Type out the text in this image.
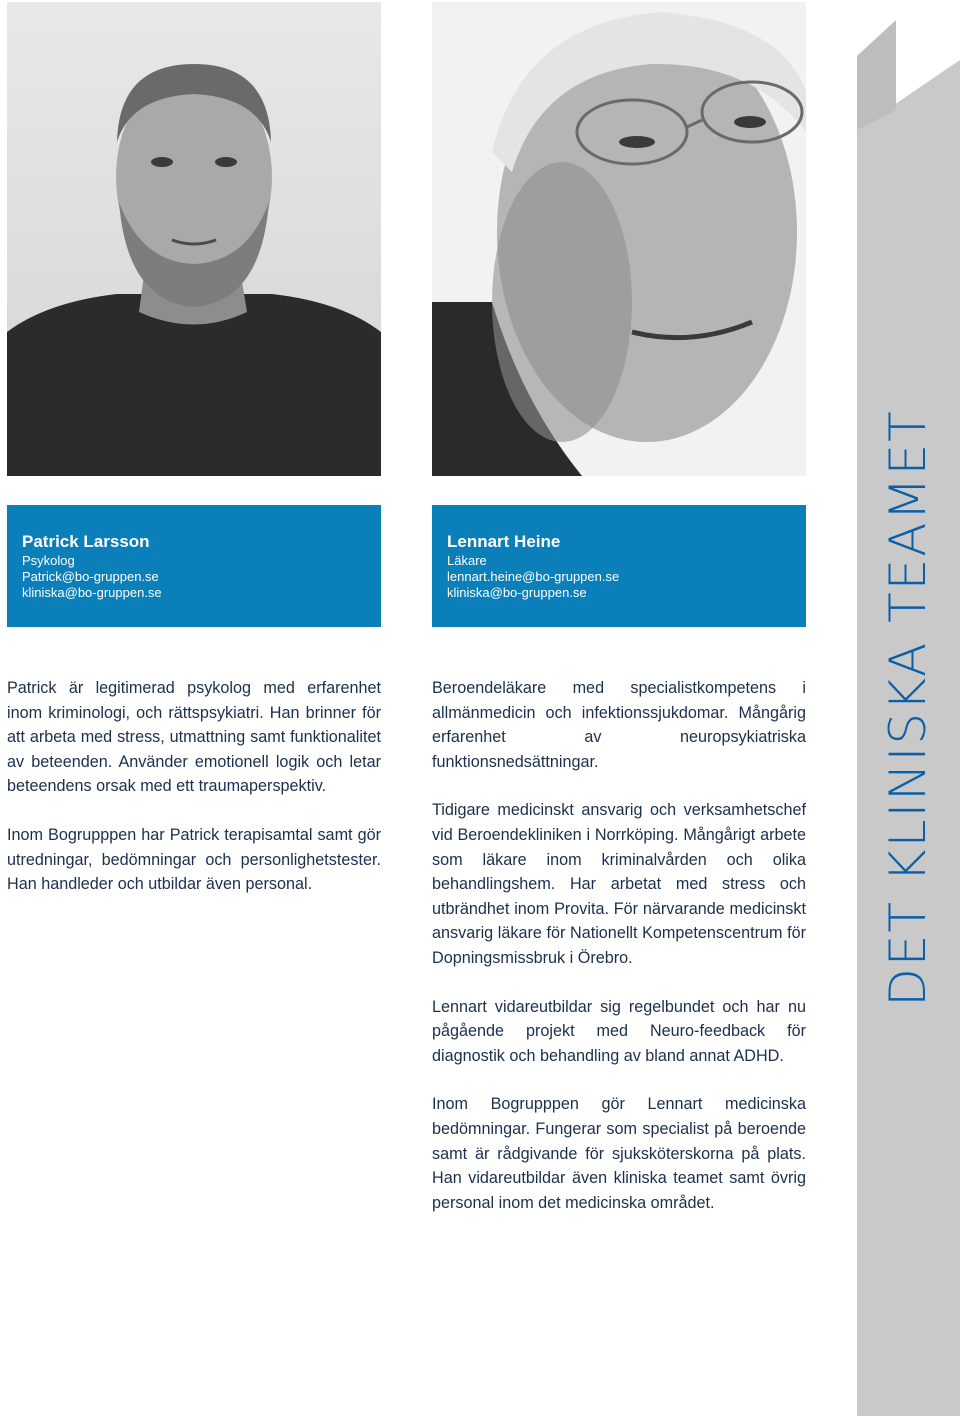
Patrick Larsson
Psykolog
Patrick@bo-gruppen.se
kliniska@bo-gruppen.se
Lennart Heine
Läkare
lennart.heine@bo-gruppen.se
kliniska@bo-gruppen.se

Patrick är legitimerad psykolog med erfarenhet inom kriminologi, och rättspsykiatri. Han brinner för att arbeta med stress, utmattning samt funktionalitet av beteenden. Använder emotionell logik och letar beteendens orsak med ett traumaperspektiv.

Inom Bogrupppen har Patrick terapisamtal samt gör utredningar, bedömningar och personlighetstester. Han handleder och utbildar även personal.

Beroendeläkare med specialistkompetens i allmänmedicin och infektionssjukdomar. Mångårig erfarenhet av neuropsykiatriska funktionsnedsättningar.

Tidigare medicinskt ansvarig och verksamhetschef vid Beroendekliniken i Norrköping. Mångårigt arbete som läkare inom kriminalvården och olika behandlingshem. Har arbetat med stress och utbrändhet inom Provita. För närvarande medicinskt ansvarig läkare för Nationellt Kompetenscentrum för Dopningsmissbruk i Örebro.

Lennart vidareutbildar sig regelbundet och har nu pågående projekt med Neuro-feedback för diagnostik och behandling av bland annat ADHD.

Inom Bogrupppen gör Lennart medicinska bedömningar. Fungerar som specialist på beroende samt är rådgivande för sjuksköterskorna på plats. Han vidareutbildar även kliniska teamet samt övrig personal inom det medicinska området.

DET KLINISKA TEAMET
